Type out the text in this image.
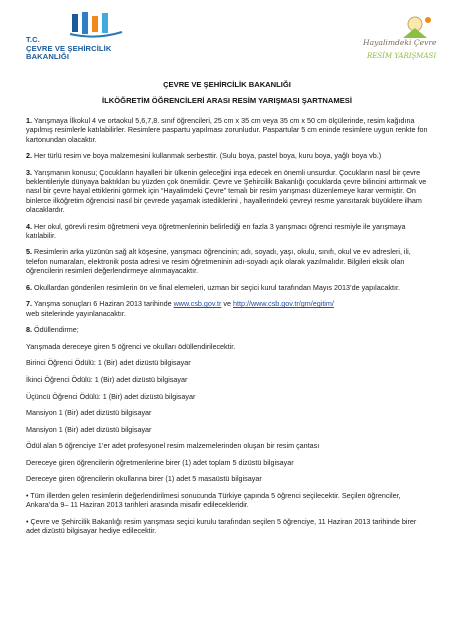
T.C.
ÇEVRE VE ŞEHİRCİLİK
BAKANLIĞI
Hayalimdeki Çevre
RESİM YARIŞMASI
ÇEVRE VE ŞEHİRCİLİK BAKANLIĞI
İLKÖĞRETİM ÖĞRENCİLERİ ARASI RESİM YARIŞMASI ŞARTNAMESİ
1. Yarışmaya İlkokul 4 ve ortaokul 5,6,7,8. sınıf öğrencileri, 25 cm x 35 cm veya 35 cm x 50 cm ölçülerinde, resim kağıdına yapılmış resimlerle katılabilirler. Resimlere paspartu yapılması zorunludur. Paspartular 5 cm eninde resimlere uygun renkte fon kartonundan olacaktır.
2. Her türlü resim ve boya malzemesini kullanmak serbesttir. (Sulu boya, pastel boya, kuru boya, yağlı boya vb.)
3. Yarışmanın konusu; Çocukların hayalleri bir ülkenin geleceğini inşa edecek en önemli unsurdur. Çocukların nasıl bir çevre beklentileriyle dünyaya baktıkları bu yüzden çok önemlidir. Çevre ve Şehircilik Bakanlığı çocuklarda çevre bilincini arttırmak ve nasıl bir çevre hayal ettiklerini görmek için “Hayalimdeki Çevre” temalı bir resim yarışması düzenlemeye karar vermiştir. On binlerce ilköğretim öğrencisi nasıl bir çevrede yaşamak istediklerini , hayallerindeki çevreyi resme yansıtarak büyüklere ilham olacaklardır.
4. Her okul, görevli resim öğretmeni veya öğretmenlerinin belirlediği en fazla 3 yarışmacı öğrenci resmiyle ile yarışmaya katılabilir.
5. Resimlerin arka yüzünün sağ alt köşesine, yarışmacı öğrencinin; adı, soyadı, yaşı, okulu, sınıfı, okul ve ev adresleri, ili, telefon numaraları, elektronik posta adresi ve resim öğretmeninin adı-soyadı açık olarak yazılmalıdır. Bilgileri eksik olan öğrencilerin resimleri değerlendirmeye alınmayacaktır.
6. Okullardan gönderilen resimlerin ön ve final elemeleri, uzman bir seçici kurul tarafından Mayıs 2013’de yapılacaktır.
7. Yarışma sonuçları 6 Haziran 2013 tarihinde www.csb.gov.tr ve http://www.csb.gov.tr/gm/egitim/
web sitelerinde yayınlanacaktır.
8. Ödüllendirme;
Yarışmada dereceye giren 5 öğrenci ve okulları ödüllendirilecektir.
Birinci Öğrenci Ödülü: 1 (Bir) adet dizüstü bilgisayar
İkinci Öğrenci Ödülü: 1 (Bir) adet dizüstü bilgisayar
Üçüncü Öğrenci Ödülü: 1 (Bir) adet dizüstü bilgisayar
Mansiyon 1 (Bir) adet dizüstü bilgisayar
Mansiyon 1 (Bir) adet dizüstü bilgisayar
Ödül alan 5 öğrenciye 1’er adet profesyonel resim malzemelerinden oluşan bir resim çantası
Dereceye giren öğrencilerin öğretmenlerine birer (1) adet toplam 5 dizüstü bilgisayar
Dereceye giren öğrencilerin okullarına birer (1) adet 5 masaüstü bilgisayar
• Tüm illerden gelen resimlerin değerlendirilmesi sonucunda Türkiye çapında 5 öğrenci seçilecektir. Seçilen öğrenciler, Ankara’da 9– 11 Haziran 2013 tarihleri arasında misafir edilecekleridir.
• Çevre ve Şehircilik Bakanlığı resim yarışması seçici kurulu tarafından seçilen 5 öğrenciye, 11 Haziran 2013 tarihinde birer adet dizüstü bilgisayar hediye edilecektir.
